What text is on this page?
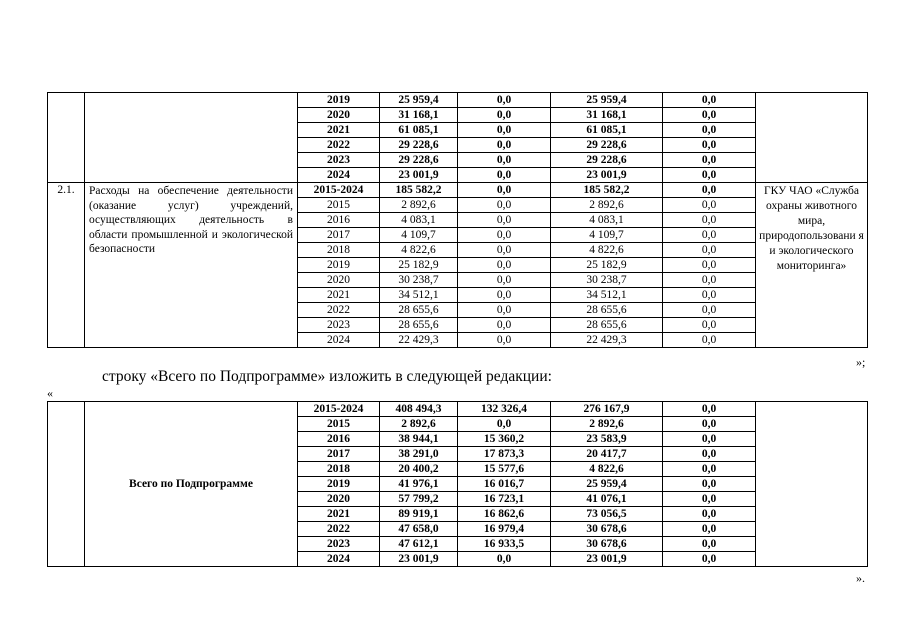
		2019	25 959,4	0,0	25 959,4	0,0	
		2020	31 168,1	0,0	31 168,1	0,0	
		2021	61 085,1	0,0	61 085,1	0,0	
		2022	29 228,6	0,0	29 228,6	0,0	
		2023	29 228,6	0,0	29 228,6	0,0	
		2024	23 001,9	0,0	23 001,9	0,0	
2.1.	Расходы на обеспечение деятельности (оказание услуг) учреждений, осуществляющих деятельность в области промышленной и экологической безопасности	2015-2024	185 582,2	0,0	185 582,2	0,0	ГКУ ЧАО «Служба охраны животного мира, природопользовани я и экологического мониторинга»
		2015	2 892,6	0,0	2 892,6	0,0	
		2016	4 083,1	0,0	4 083,1	0,0	
		2017	4 109,7	0,0	4 109,7	0,0	
		2018	4 822,6	0,0	4 822,6	0,0	
		2019	25 182,9	0,0	25 182,9	0,0	
		2020	30 238,7	0,0	30 238,7	0,0	
		2021	34 512,1	0,0	34 512,1	0,0	
		2022	28 655,6	0,0	28 655,6	0,0	
		2023	28 655,6	0,0	28 655,6	0,0	
		2024	22 429,3	0,0	22 429,3	0,0	
»;
строку «Всего по Подпрограмме» изложить в следующей редакции:
«
	Всего по Подпрограмме	2015-2024	408 494,3	132 326,4	276 167,9	0,0	
		2015	2 892,6	0,0	2 892,6	0,0	
		2016	38 944,1	15 360,2	23 583,9	0,0	
		2017	38 291,0	17 873,3	20 417,7	0,0	
		2018	20 400,2	15 577,6	4 822,6	0,0	
		2019	41 976,1	16 016,7	25 959,4	0,0	
		2020	57 799,2	16 723,1	41 076,1	0,0	
		2021	89 919,1	16 862,6	73 056,5	0,0	
		2022	47 658,0	16 979,4	30 678,6	0,0	
		2023	47 612,1	16 933,5	30 678,6	0,0	
		2024	23 001,9	0,0	23 001,9	0,0	
».
